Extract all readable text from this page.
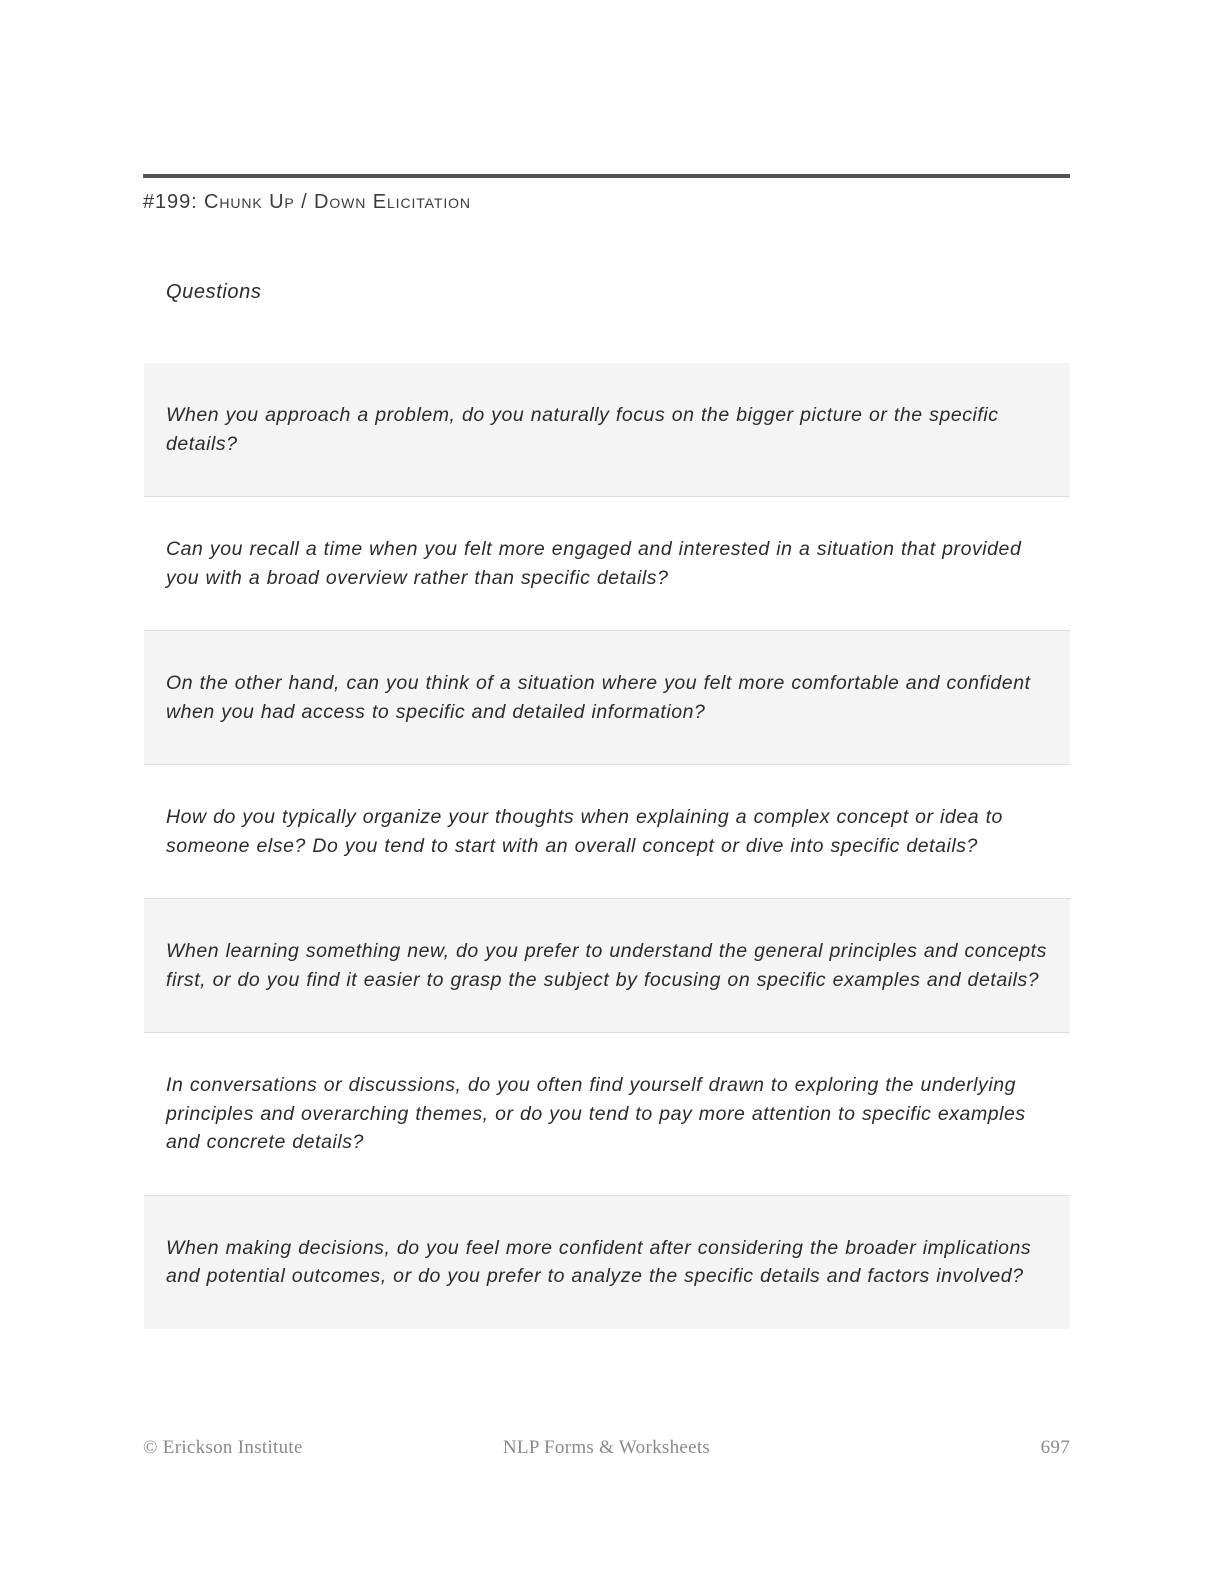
#199: Chunk Up / Down Elicitation
Questions
When you approach a problem, do you naturally focus on the bigger picture or the specific details?
Can you recall a time when you felt more engaged and interested in a situation that provided you with a broad overview rather than specific details?
On the other hand, can you think of a situation where you felt more comfortable and confident when you had access to specific and detailed information?
How do you typically organize your thoughts when explaining a complex concept or idea to someone else? Do you tend to start with an overall concept or dive into specific details?
When learning something new, do you prefer to understand the general principles and concepts first, or do you find it easier to grasp the subject by focusing on specific examples and details?
In conversations or discussions, do you often find yourself drawn to exploring the underlying principles and overarching themes, or do you tend to pay more attention to specific examples and concrete details?
When making decisions, do you feel more confident after considering the broader implications and potential outcomes, or do you prefer to analyze the specific details and factors involved?
© Erickson Institute	NLP Forms & Worksheets	697
